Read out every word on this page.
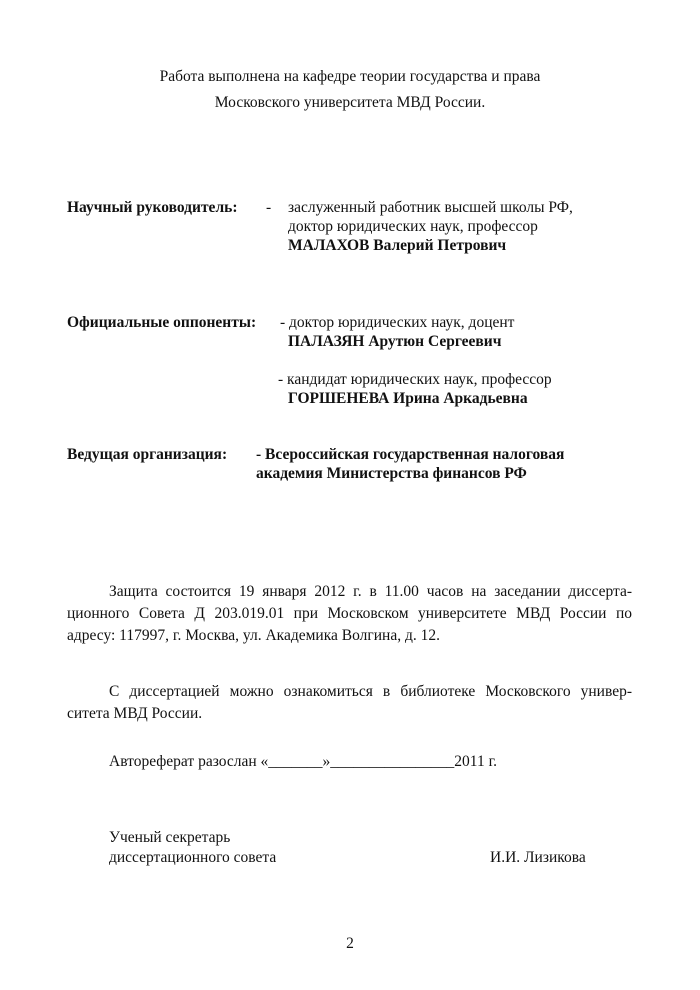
Работа выполнена на кафедре теории государства и права
Московского университета МВД России.
Научный руководитель: - заслуженный работник высшей школы РФ,
доктор юридических наук, профессор
МАЛАХОВ Валерий Петрович
Официальные оппоненты: - доктор юридических наук, доцент
ПАЛАЗЯН Арутюн Сергеевич
- кандидат юридических наук, профессор
ГОРШЕНЕВА Ирина Аркадьевна
Ведущая организация: - Всероссийская государственная налоговая
академия Министерства финансов РФ
Защита состоится 19 января 2012 г. в 11.00 часов на заседании диссерта-
ционного Совета Д 203.019.01 при Московском университете МВД России по
адресу: 117997, г. Москва, ул. Академика Волгина, д. 12.
С диссертацией можно ознакомиться в библиотеке Московского универ-
ситета МВД России.
Автореферат разослан «_______»________________2011 г.
Ученый секретарь
диссертационного совета	И.И. Лизикова
2
